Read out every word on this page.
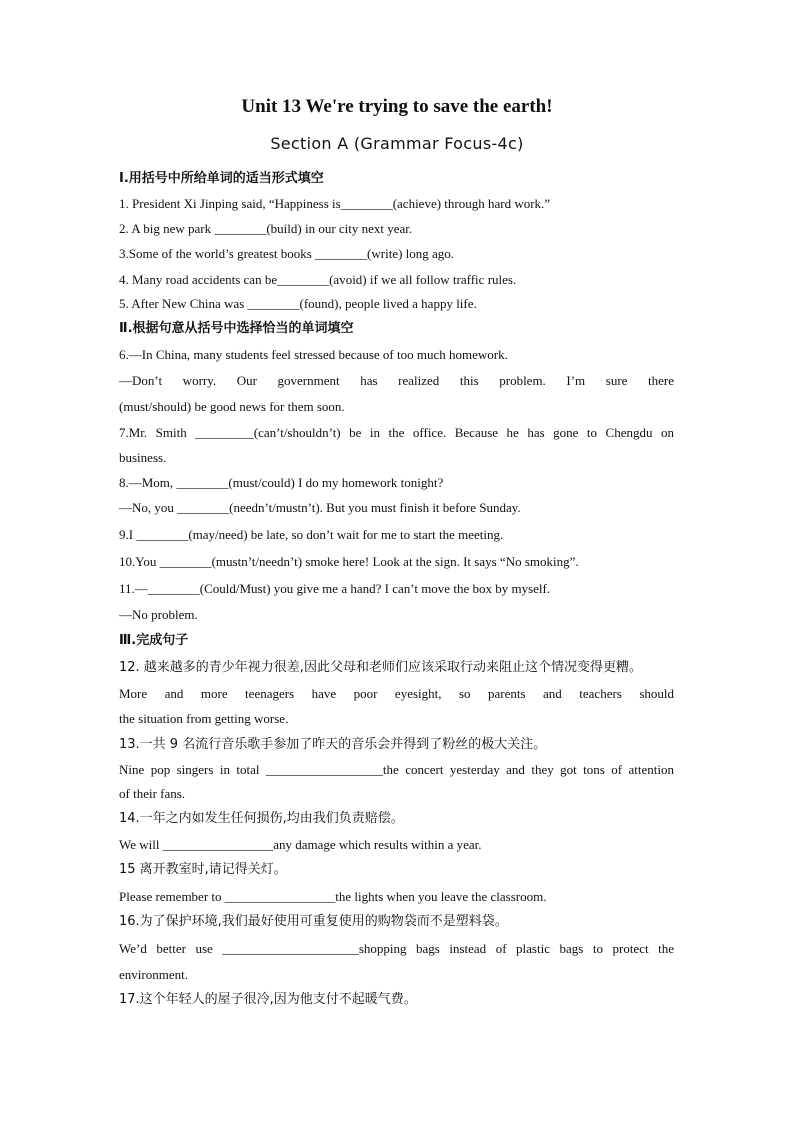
Unit 13 We're trying to save the earth!
Section A (Grammar Focus-4c)
Ⅰ.用括号中所给单词的适当形式填空
1. President Xi Jinping said, “Happiness is________(achieve) through hard work.”
2. A big new park ________(build) in our city next year.
3.Some of the world’s greatest books ________(write) long ago.
4. Many road accidents can be________(avoid) if we all follow traffic rules.
5. After New China was ________(found), people lived a happy life.
Ⅱ.根据句意从括号中选择恰当的单词填空
6.—In China, many students feel stressed because of too much homework.
—Don’t worry. Our government has realized this problem. I’m sure there
(must/should) be good news for them soon.
7.Mr. Smith _________(can’t/shouldn’t) be in the office. Because he has gone to Chengdu on
business.
8.—Mom, ________(must/could) I do my homework tonight?
—No, you ________(needn’t/mustn’t). But you must finish it before Sunday.
9.I ________(may/need) be late, so don’t wait for me to start the meeting.
10.You ________(mustn’t/needn’t) smoke here! Look at the sign. It says “No smoking”.
11.—________(Could/Must) you give me a hand? I can’t move the box by myself.
—No problem.
Ⅲ.完成句子
12. 越来越多的青少年视力很差,因此父母和老师们应该采取行动来阻止这个情况变得更糟。
More and more teenagers have poor eyesight, so parents and teachers should
the situation from getting worse.
13.一共 9 名流行音乐歌手参加了昨天的音乐会并得到了粉丝的极大关注。
Nine pop singers in total __________________the concert yesterday and they got tons of attention
of their fans.
14.一年之内如发生任何损伤,均由我们负责赔偿。
We will _________________any damage which results within a year.
15 离开教室时,请记得关灯。
Please remember to _________________the lights when you leave the classroom.
16.为了保护环境,我们最好使用可重复使用的购物袋而不是塑料袋。
We’d better use _____________________shopping bags instead of plastic bags to protect the
environment.
17.这个年轻人的屋子很冷,因为他支付不起暖气费。
